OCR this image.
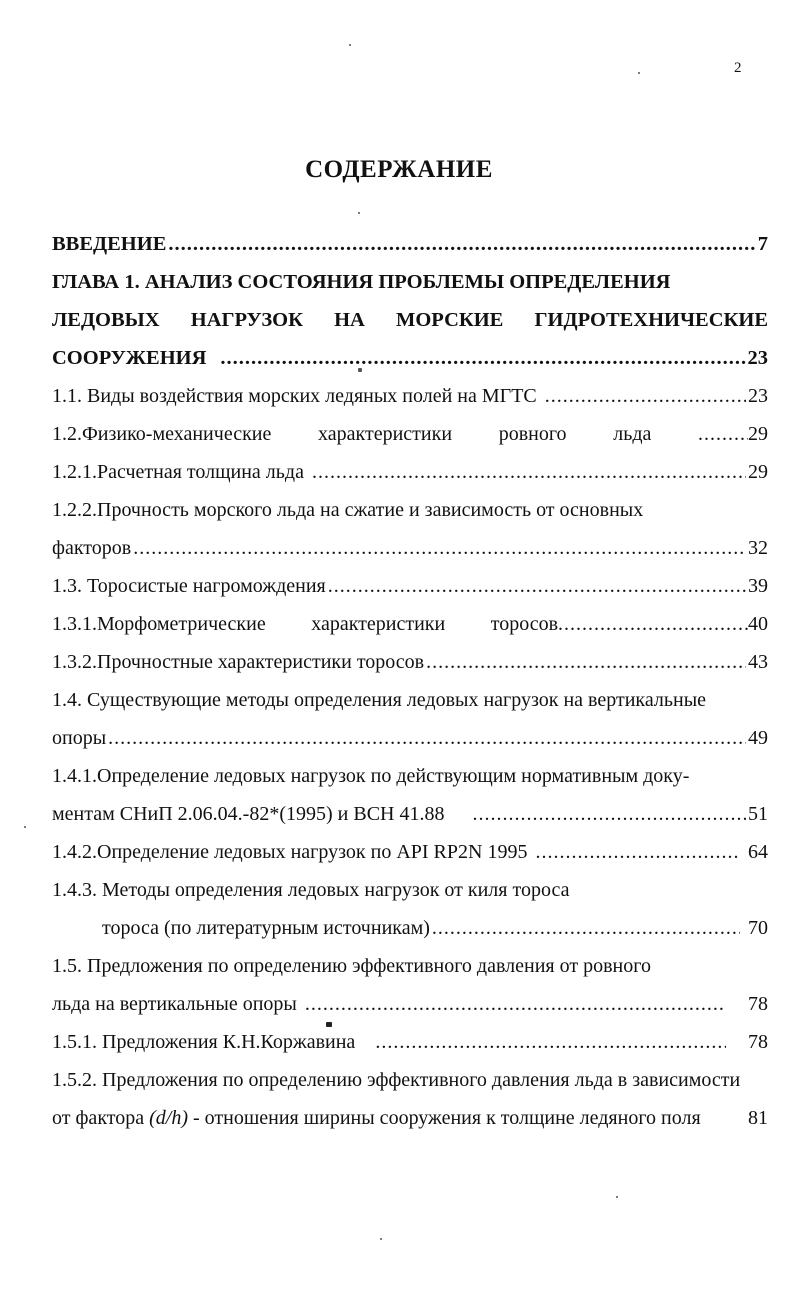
2
СОДЕРЖАНИЕ
ВВЕДЕНИЕ .....	7
ГЛАВА 1. АНАЛИЗ СОСТОЯНИЯ ПРОБЛЕМЫ ОПРЕДЕЛЕНИЯ
ЛЕДОВЫХ НАГРУЗОК НА МОРСКИЕ ГИДРОТЕХНИЧЕСКИЕ
СООРУЖЕНИЯ .....	23
1.1. Виды воздействия морских ледяных полей на МГТС .....	23
1.2.Физико-механические характеристики ровного льда .....	29
1.2.1.Расчетная толщина льда .....	29
1.2.2.Прочность морского льда на сжатие и зависимость от основных
факторов .....	32
1.3. Торосистые нагромождения .....	39
1.3.1.Морфометрические характеристики торосов .....	40
1.3.2.Прочностные характеристики торосов .....	43
1.4. Существующие методы определения ледовых нагрузок на вертикальные
опоры .....	49
1.4.1.Определение ледовых нагрузок по действующим нормативным доку-
ментам СНиП 2.06.04.-82*(1995) и ВСН 41.88 .....	51
1.4.2.Определение ледовых нагрузок по API RP2N 1995 .....	64
1.4.3. Методы определения ледовых нагрузок от киля тороса
тороса (по литературным источникам) .....	70
1.5. Предложения по определению эффективного давления от ровного
льда на вертикальные опоры .....	78
1.5.1. Предложения К.Н.Коржавина .....	78
1.5.2. Предложения по определению эффективного давления льда в зависимости
от фактора (d/h) - отношения ширины сооружения к толщине ледяного поля 81
